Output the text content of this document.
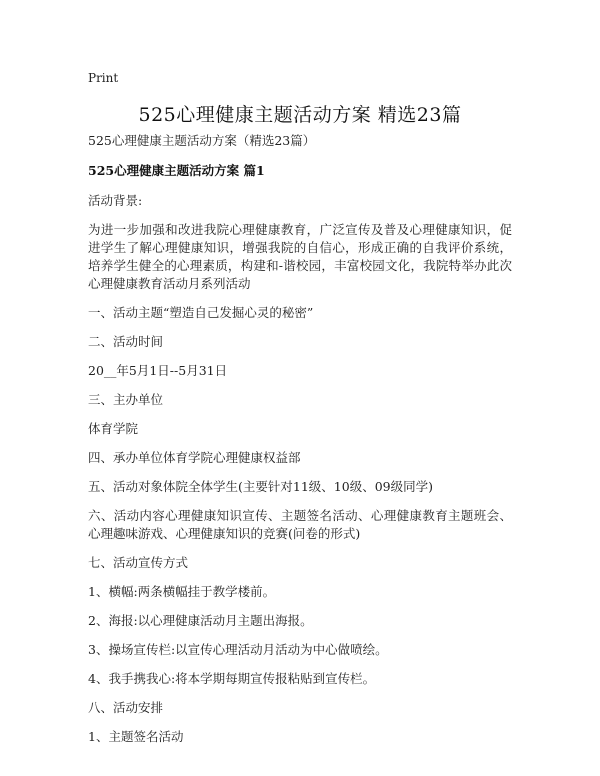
Print
525心理健康主题活动方案 精选23篇

525心理健康主题活动方案（精选23篇）

525心理健康主题活动方案 篇1

活动背景:

为进一步加强和改进我院心理健康教育，广泛宣传及普及心理健康知识，促进学生了解心理健康知识，增强我院的自信心，形成正确的自我评价系统，培养学生健全的心理素质，构建和-谐校园，丰富校园文化，我院特举办此次心理健康教育活动月系列活动

一、活动主题“塑造自己发掘心灵的秘密”

二、活动时间

20__年5月1日--5月31日

三、主办单位

体育学院

四、承办单位体育学院心理健康权益部

五、活动对象体院全体学生(主要针对11级、10级、09级同学)

六、活动内容心理健康知识宣传、主题签名活动、心理健康教育主题班会、心理趣味游戏、心理健康知识的竞赛(问卷的形式)

七、活动宣传方式

1、横幅:两条横幅挂于教学楼前。

2、海报:以心理健康活动月主题出海报。

3、操场宣传栏:以宣传心理活动月活动为中心做喷绘。

4、我手携我心:将本学期每期宣传报粘贴到宣传栏。

八、活动安排

1、主题签名活动
